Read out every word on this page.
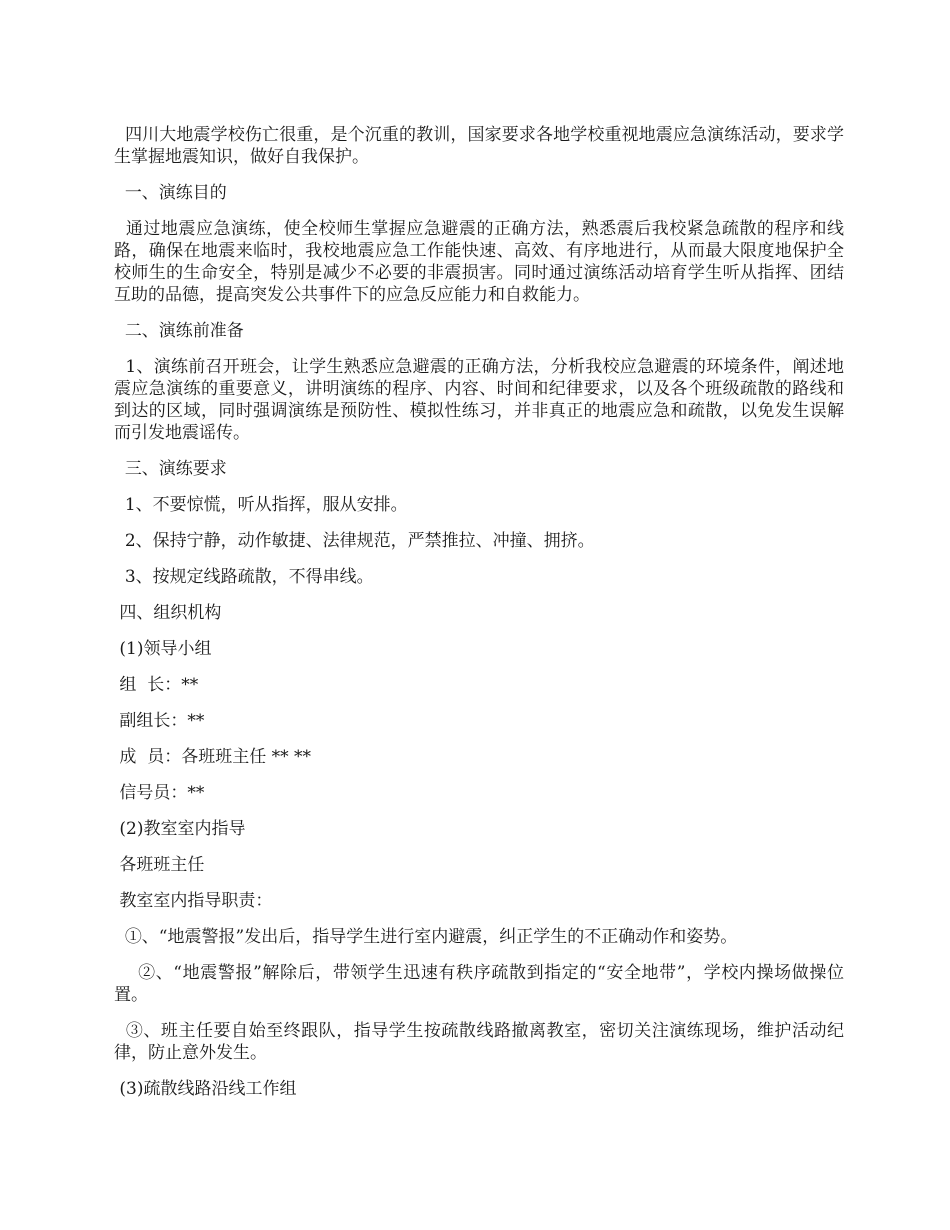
四川大地震学校伤亡很重，是个沉重的教训，国家要求各地学校重视地震应急演练活动，要求学生掌握地震知识，做好自我保护。

一、演练目的

通过地震应急演练，使全校师生掌握应急避震的正确方法，熟悉震后我校紧急疏散的程序和线路，确保在地震来临时，我校地震应急工作能快速、高效、有序地进行，从而最大限度地保护全校师生的生命安全，特别是减少不必要的非震损害。同时通过演练活动培育学生听从指挥、团结互助的品德，提高突发公共事件下的应急反应能力和自救能力。

二、演练前准备

1、演练前召开班会，让学生熟悉应急避震的正确方法，分析我校应急避震的环境条件，阐述地震应急演练的重要意义，讲明演练的程序、内容、时间和纪律要求，以及各个班级疏散的路线和到达的区域，同时强调演练是预防性、模拟性练习，并非真正的地震应急和疏散，以免发生误解而引发地震谣传。

三、演练要求

1、不要惊慌，听从指挥，服从安排。

2、保持宁静，动作敏捷、法律规范，严禁推拉、冲撞、拥挤。

3、按规定线路疏散，不得串线。

四、组织机构

(1)领导小组

组  长：**

副组长：**

成  员：各班班主任 ** **

信号员：**

(2)教室室内指导

各班班主任

教室室内指导职责：

①、“地震警报”发出后，指导学生进行室内避震，纠正学生的不正确动作和姿势。

②、“地震警报”解除后，带领学生迅速有秩序疏散到指定的“安全地带”，学校内操场做操位置。

③、班主任要自始至终跟队，指导学生按疏散线路撤离教室，密切关注演练现场，维护活动纪律，防止意外发生。

(3)疏散线路沿线工作组
